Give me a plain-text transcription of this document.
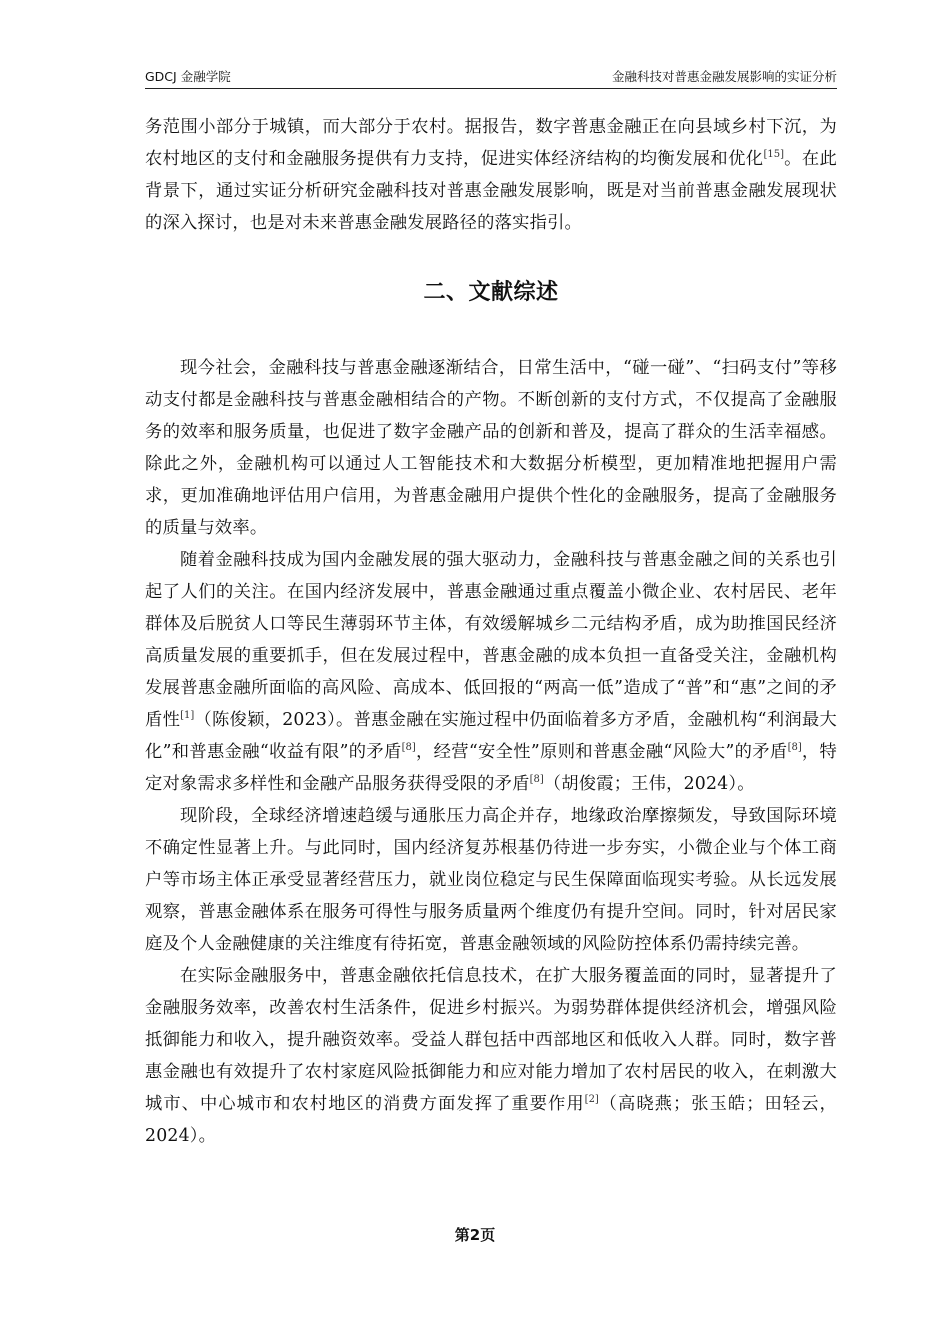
GDCJ 金融学院	金融科技对普惠金融发展影响的实证分析

务范围小部分于城镇，而大部分于农村。据报告，数字普惠金融正在向县域乡村下沉，为农村地区的支付和金融服务提供有力支持，促进实体经济结构的均衡发展和优化[15]。在此背景下，通过实证分析研究金融科技对普惠金融发展影响，既是对当前普惠金融发展现状的深入探讨，也是对未来普惠金融发展路径的落实指引。

二、文献综述

现今社会，金融科技与普惠金融逐渐结合，日常生活中，“碰一碰”、“扫码支付”等移动支付都是金融科技与普惠金融相结合的产物。不断创新的支付方式，不仅提高了金融服务的效率和服务质量，也促进了数字金融产品的创新和普及，提高了群众的生活幸福感。除此之外，金融机构可以通过人工智能技术和大数据分析模型，更加精准地把握用户需求，更加准确地评估用户信用，为普惠金融用户提供个性化的金融服务，提高了金融服务的质量与效率。

随着金融科技成为国内金融发展的强大驱动力，金融科技与普惠金融之间的关系也引起了人们的关注。在国内经济发展中，普惠金融通过重点覆盖小微企业、农村居民、老年群体及后脱贫人口等民生薄弱环节主体，有效缓解城乡二元结构矛盾，成为助推国民经济高质量发展的重要抓手，但在发展过程中，普惠金融的成本负担一直备受关注，金融机构发展普惠金融所面临的高风险、高成本、低回报的“两高一低”造成了“普”和“惠”之间的矛盾性[1]（陈俊颖，2023）。普惠金融在实施过程中仍面临着多方矛盾，金融机构“利润最大化”和普惠金融“收益有限”的矛盾[8]，经营“安全性”原则和普惠金融“风险大”的矛盾[8]，特定对象需求多样性和金融产品服务获得受限的矛盾[8]（胡俊霞；王伟，2024）。

现阶段，全球经济增速趋缓与通胀压力高企并存，地缘政治摩擦频发，导致国际环境不确定性显著上升。与此同时，国内经济复苏根基仍待进一步夯实，小微企业与个体工商户等市场主体正承受显著经营压力，就业岗位稳定与民生保障面临现实考验。从长远发展观察，普惠金融体系在服务可得性与服务质量两个维度仍有提升空间。同时，针对居民家庭及个人金融健康的关注维度有待拓宽，普惠金融领域的风险防控体系仍需持续完善。

在实际金融服务中，普惠金融依托信息技术，在扩大服务覆盖面的同时，显著提升了金融服务效率，改善农村生活条件，促进乡村振兴。为弱势群体提供经济机会，增强风险抵御能力和收入，提升融资效率。受益人群包括中西部地区和低收入人群。同时，数字普惠金融也有效提升了农村家庭风险抵御能力和应对能力增加了农村居民的收入，在刺激大城市、中心城市和农村地区的消费方面发挥了重要作用[2]（高晓燕；张玉皓；田轻云，2024）。

第2页
